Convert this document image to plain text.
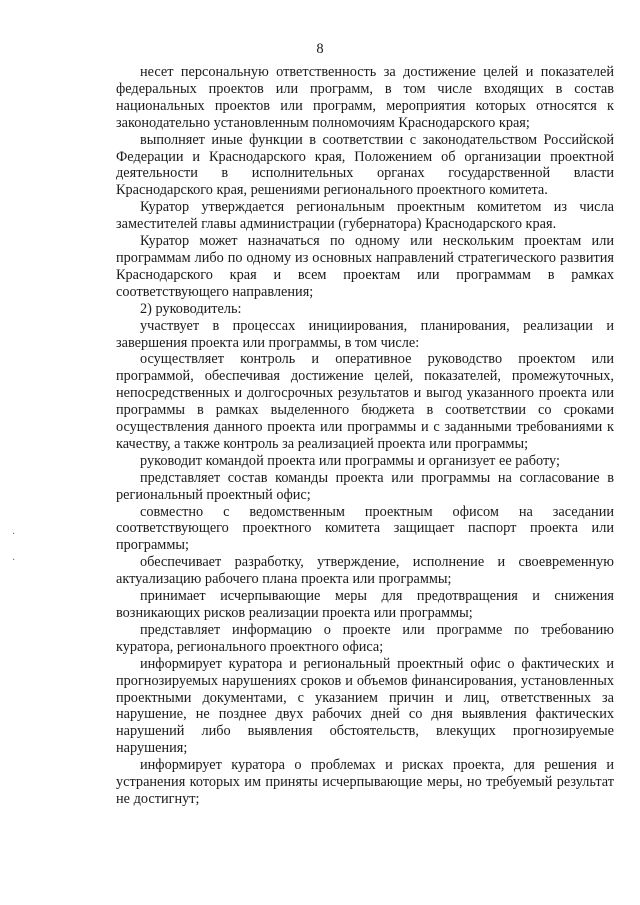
8
·
·

несет персональную ответственность за достижение целей и показателей федеральных проектов или программ, в том числе входящих в состав национальных проектов или программ, мероприятия которых относятся к законодательно установленным полномочиям Краснодарского края;

выполняет иные функции в соответствии с законодательством Российской Федерации и Краснодарского края, Положением об организации проектной деятельности в исполнительных органах государственной власти Краснодарского края, решениями регионального проектного комитета.

Куратор утверждается региональным проектным комитетом из числа заместителей главы администрации (губернатора) Краснодарского края.

Куратор может назначаться по одному или нескольким проектам или программам либо по одному из основных направлений стратегического развития Краснодарского края и всем проектам или программам в рамках соответствующего направления;

2) руководитель:

участвует в процессах инициирования, планирования, реализации и завершения проекта или программы, в том числе:

осуществляет контроль и оперативное руководство проектом или программой, обеспечивая достижение целей, показателей, промежуточных, непосредственных и долгосрочных результатов и выгод указанного проекта или программы в рамках выделенного бюджета в соответствии со сроками осуществления данного проекта или программы и с заданными требованиями к качеству, а также контроль за реализацией проекта или программы;

руководит командой проекта или программы и организует ее работу;

представляет состав команды проекта или программы на согласование в региональный проектный офис;

совместно с ведомственным проектным офисом на заседании соответствующего проектного комитета защищает паспорт проекта или программы;

обеспечивает разработку, утверждение, исполнение и своевременную актуализацию рабочего плана проекта или программы;

принимает исчерпывающие меры для предотвращения и снижения возникающих рисков реализации проекта или программы;

представляет информацию о проекте или программе по требованию куратора, регионального проектного офиса;

информирует куратора и региональный проектный офис о фактических и прогнозируемых нарушениях сроков и объемов финансирования, установленных проектными документами, с указанием причин и лиц, ответственных за нарушение, не позднее двух рабочих дней со дня выявления фактических нарушений либо выявления обстоятельств, влекущих прогнозируемые нарушения;

информирует куратора о проблемах и рисках проекта, для решения и устранения которых им приняты исчерпывающие меры, но требуемый результат не достигнут;
